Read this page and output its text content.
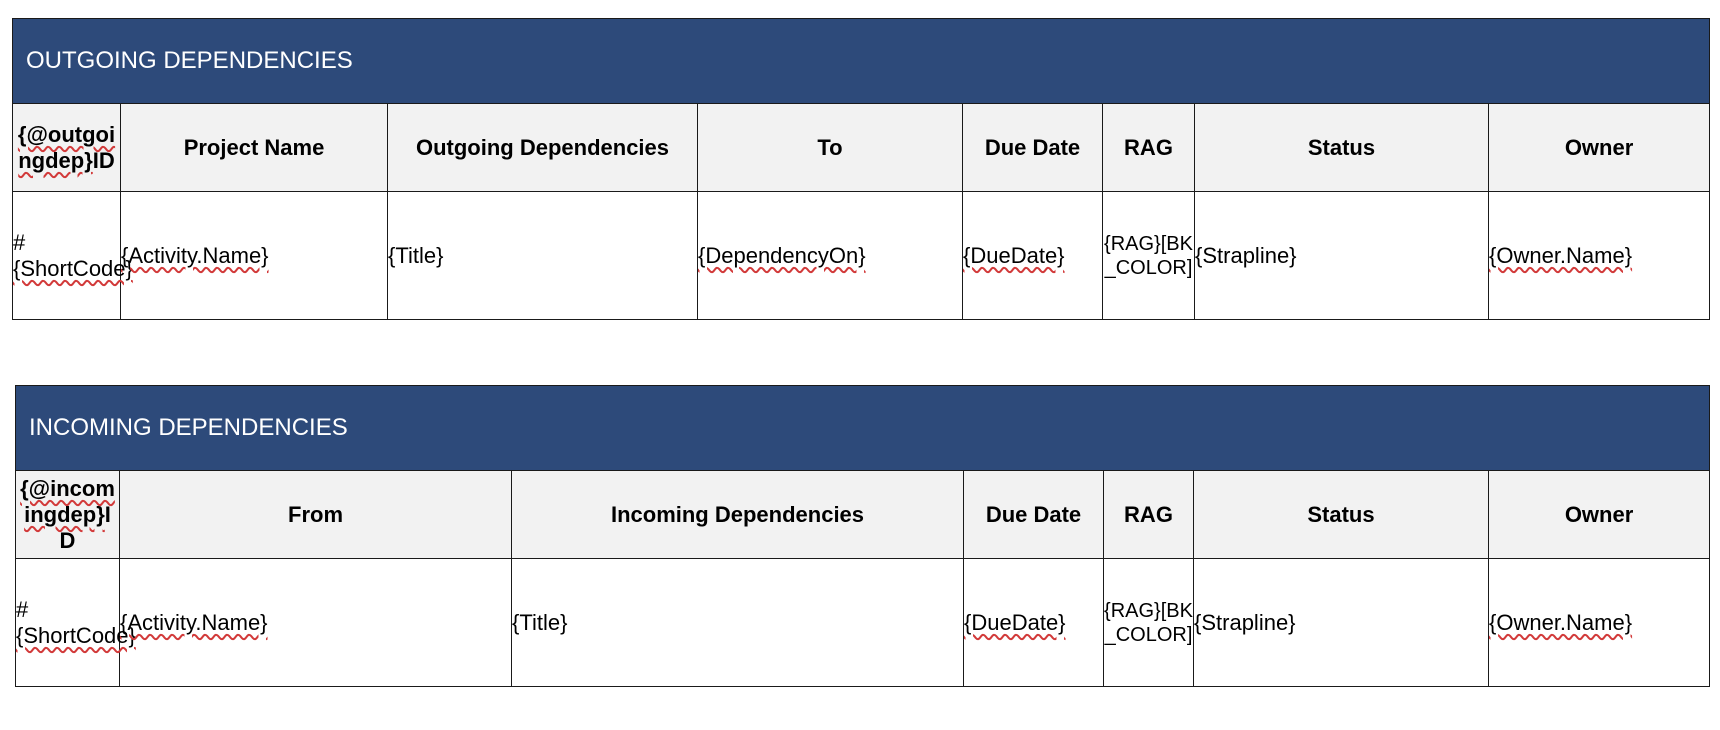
OUTGOING DEPENDENCIES							
{@outgoingdep}ID	Project Name	Outgoing Dependencies	To	Due Date	RAG	Status	Owner
#{ShortCode}	{Activity.Name}	{Title}	{DependencyOn}	{DueDate}	{RAG}[BK_COLOR]	{Strapline}	{Owner.Name}
INCOMING DEPENDENCIES						
{@incomingdep}ID	From	Incoming Dependencies	Due Date	RAG	Status	Owner
#{ShortCode}	{Activity.Name}	{Title}	{DueDate}	{RAG}[BK_COLOR]	{Strapline}	{Owner.Name}
